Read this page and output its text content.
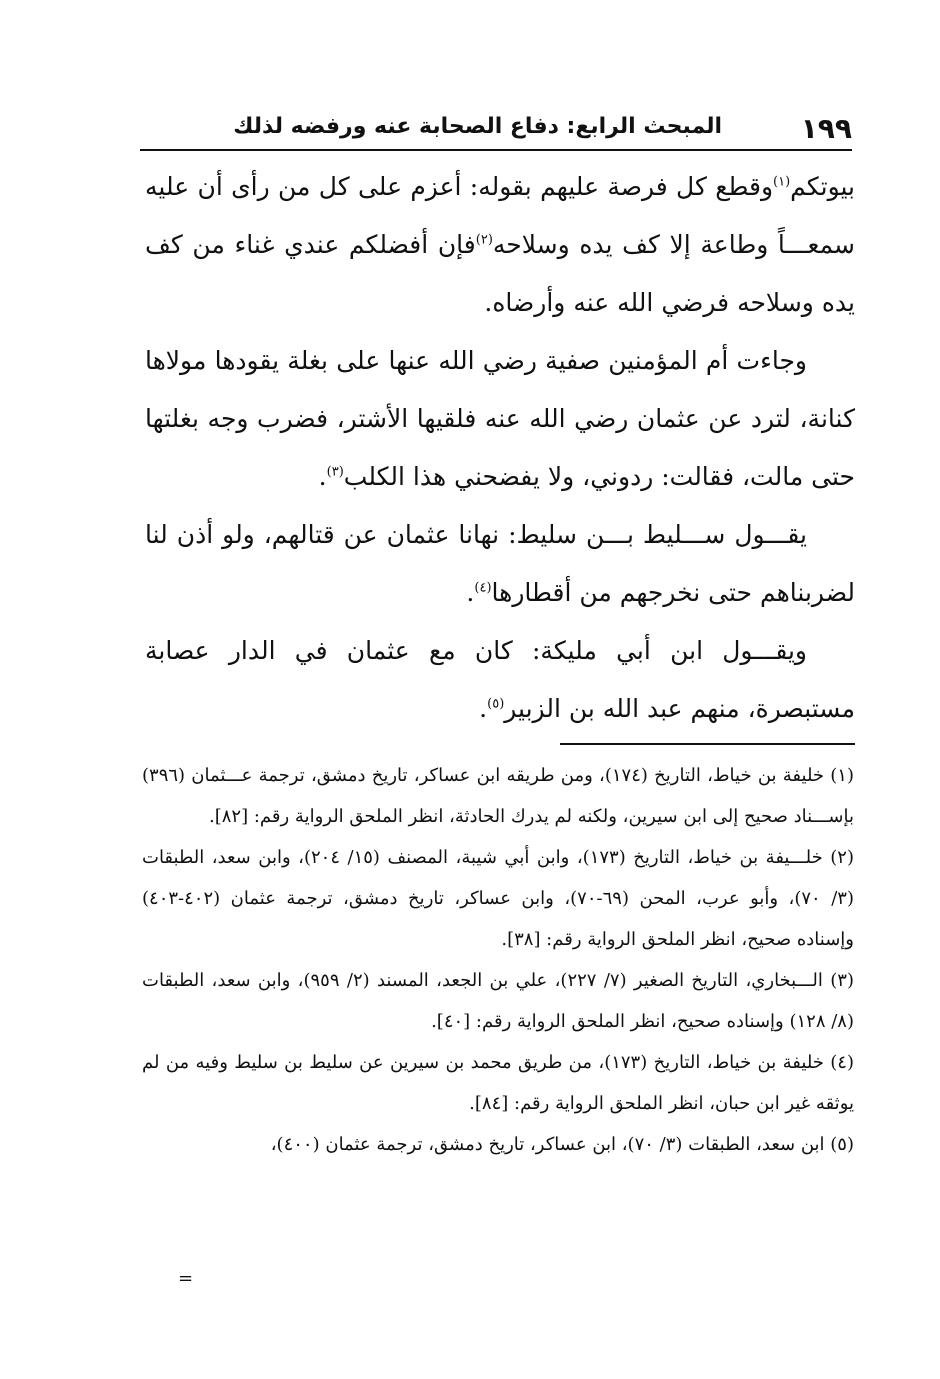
١٩٩
المبحث الرابع: دفاع الصحابة عنه ورفضه لذلك

بيوتكم$^{(١)}$وقطع كل فرصة عليهم بقوله: أعزم على كل من رأى أن عليه سمعـــاً وطاعة إلا كف يده وسلاحه$^{(٢)}$فإن أفضلكم عندي غناء من كف يده وسلاحه فرضي الله عنه وأرضاه.

وجاءت أم المؤمنين صفية رضي الله عنها على بغلة يقودها مولاها كنانة، لترد عن عثمان رضي الله عنه فلقيها الأشتر، فضرب وجه بغلتها حتى مالت، فقالت: ردوني، ولا يفضحني هذا الكلب$^{(٣)}$.

يقـــول ســـليط بـــن سليط: نهانا عثمان عن قتالهم، ولو أذن لنا لضربناهم حتى نخرجهم من أقطارها$^{(٤)}$.

ويقـــول ابن أبي مليكة: كان مع عثمان في الدار عصابة مستبصرة، منهم عبد الله بن الزبير$^{(٥)}$.

(١) خليفة بن خياط، التاريخ (١٧٤)، ومن طريقه ابن عساكر، تاريخ دمشق، ترجمة عـــثمان (٣٩٦) بإســـناد صحيح إلى ابن سيرين، ولكنه لم يدرك الحادثة، انظر الملحق الرواية رقم: [٨٢].

(٢) خلـــيفة بن خياط، التاريخ (١٧٣)، وابن أبي شيبة، المصنف (١٥/ ٢٠٤)، وابن سعد، الطبقات (٣/ ٧٠)، وأبو عرب، المحن (٦٩-٧٠)، وابن عساكر، تاريخ دمشق، ترجمة عثمان (٤٠٢-٤٠٣) وإسناده صحيح، انظر الملحق الرواية رقم: [٣٨].

(٣) الـــبخاري، التاريخ الصغير (٧/ ٢٢٧)، علي بن الجعد، المسند (٢/ ٩٥٩)، وابن سعد، الطبقات (٨/ ١٢٨) وإسناده صحيح، انظر الملحق الرواية رقم: [٤٠].

(٤) خليفة بن خياط، التاريخ (١٧٣)، من طريق محمد بن سيرين عن سليط بن سليط وفيه من لم يوثقه غير ابن حبان، انظر الملحق الرواية رقم: [٨٤].

(٥) ابن سعد، الطبقات (٣/ ٧٠)، ابن عساكر، تاريخ دمشق، ترجمة عثمان (٤٠٠)،

=
